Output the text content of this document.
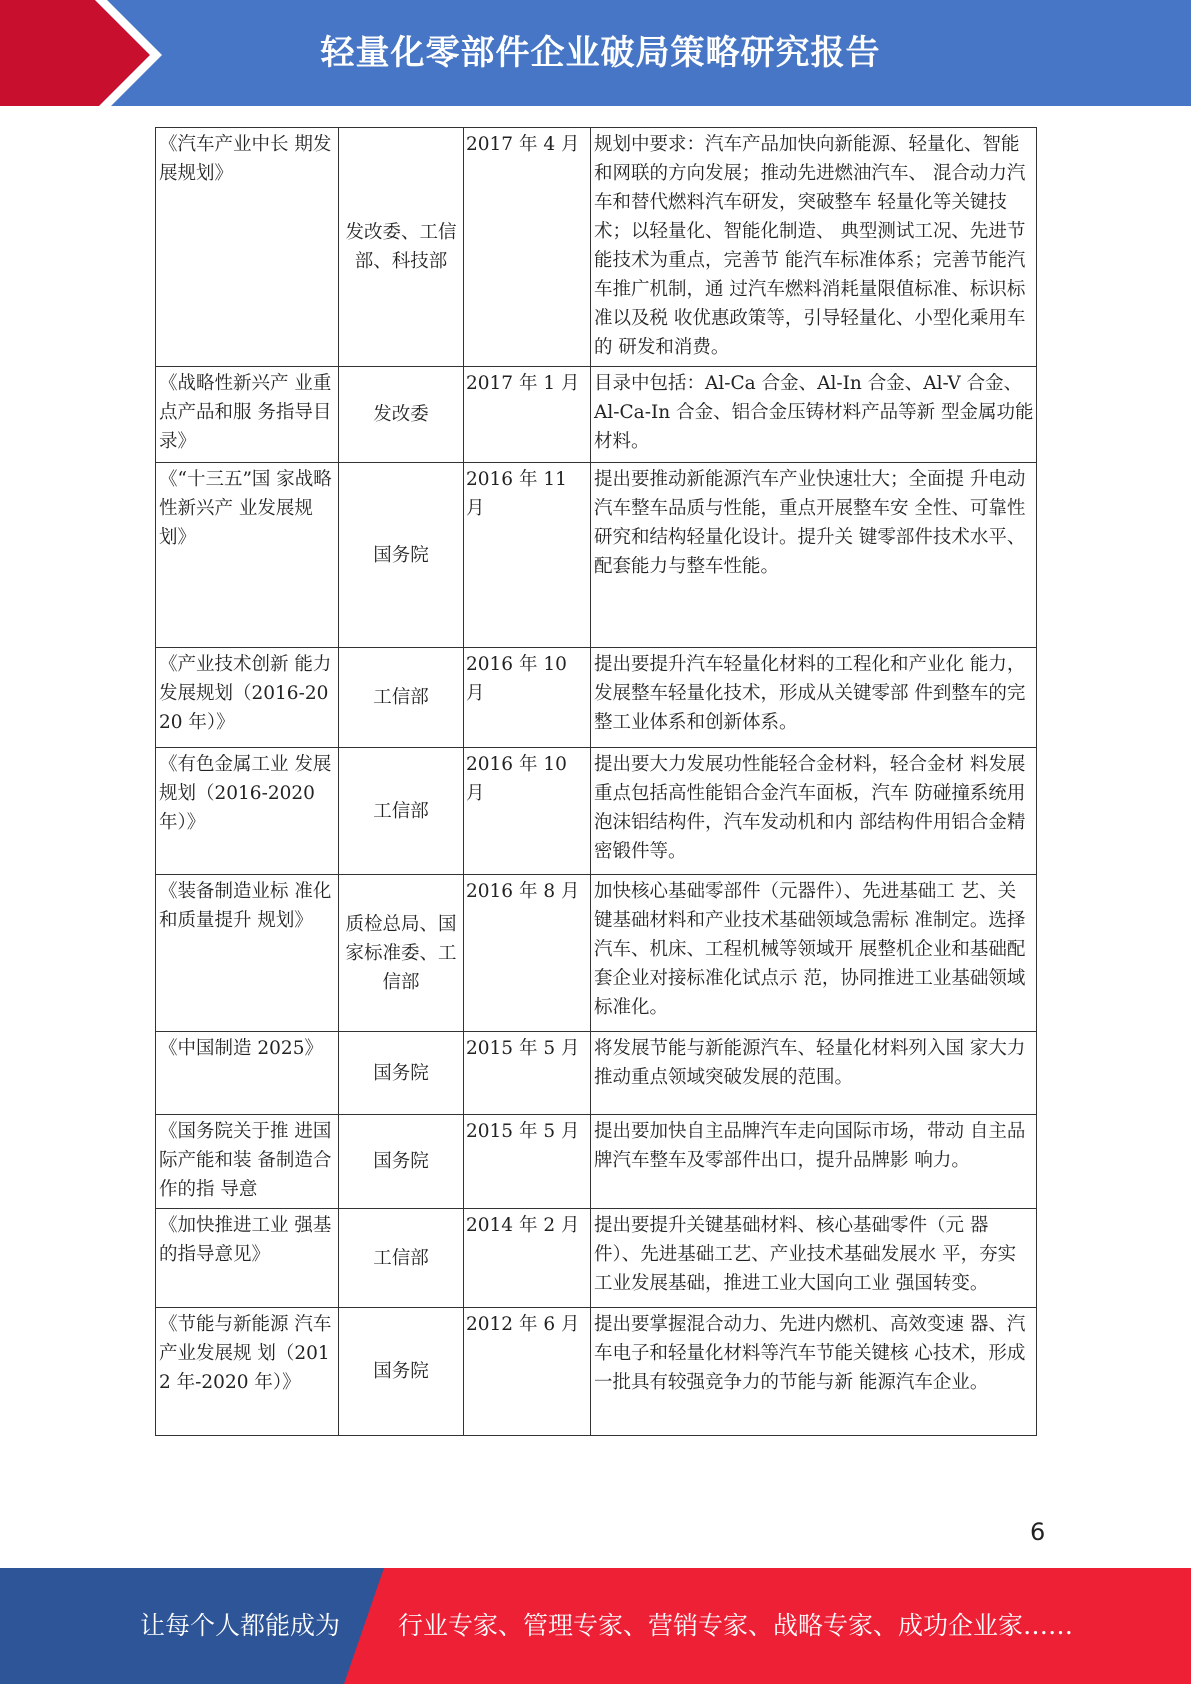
轻量化零部件企业破局策略研究报告
《汽车产业中长 期发展规划》	发改委、工信部、科技部	2017 年 4 月	规划中要求：汽车产品加快向新能源、轻量化、智能和网联的方向发展；推动先进燃油汽车、 混合动力汽车和替代燃料汽车研发，突破整车 轻量化等关键技术；以轻量化、智能化制造、 典型测试工况、先进节能技术为重点，完善节 能汽车标准体系；完善节能汽车推广机制，通 过汽车燃料消耗量限值标准、标识标准以及税 收优惠政策等，引导轻量化、小型化乘用车的 研发和消费。
《战略性新兴产 业重点产品和服 务指导目录》	发改委	2017 年 1 月	目录中包括：Al-Ca 合金、Al-In 合金、Al-V 合金、Al-Ca-In 合金、铝合金压铸材料产品等新 型金属功能材料。
《“十三五”国 家战略性新兴产 业发展规划》	国务院	2016 年 11 月	提出要推动新能源汽车产业快速壮大；全面提 升电动汽车整车品质与性能，重点开展整车安 全性、可靠性研究和结构轻量化设计。提升关 键零部件技术水平、配套能力与整车性能。
《产业技术创新 能力发展规划（2016-2020 年）》	工信部	2016 年 10 月	提出要提升汽车轻量化材料的工程化和产业化 能力，发展整车轻量化技术，形成从关键零部 件到整车的完整工业体系和创新体系。
《有色金属工业 发展规划（2016-2020 年）》	工信部	2016 年 10 月	提出要大力发展功性能轻合金材料，轻合金材 料发展重点包括高性能铝合金汽车面板，汽车 防碰撞系统用泡沫铝结构件，汽车发动机和内 部结构件用铝合金精密锻件等。
《装备制造业标 准化和质量提升 规划》	质检总局、国家标准委、工信部	2016 年 8 月	加快核心基础零部件（元器件）、先进基础工 艺、关键基础材料和产业技术基础领域急需标 准制定。选择汽车、机床、工程机械等领域开 展整机企业和基础配套企业对接标准化试点示 范，协同推进工业基础领域标准化。
《中国制造 2025》	国务院	2015 年 5 月	将发展节能与新能源汽车、轻量化材料列入国 家大力推动重点领域突破发展的范围。
《国务院关于推 进国际产能和装 备制造合作的指 导意	国务院	2015 年 5 月	提出要加快自主品牌汽车走向国际市场，带动 自主品牌汽车整车及零部件出口，提升品牌影 响力。
《加快推进工业 强基的指导意见》	工信部	2014 年 2 月	提出要提升关键基础材料、核心基础零件（元 器件）、先进基础工艺、产业技术基础发展水 平，夯实工业发展基础，推进工业大国向工业 强国转变。
《节能与新能源 汽车产业发展规 划（2012 年-2020 年）》	国务院	2012 年 6 月	提出要掌握混合动力、先进内燃机、高效变速 器、汽车电子和轻量化材料等汽车节能关键核 心技术，形成一批具有较强竞争力的节能与新 能源汽车企业。
6
让每个人都能成为 行业专家、管理专家、营销专家、战略专家、成功企业家……
